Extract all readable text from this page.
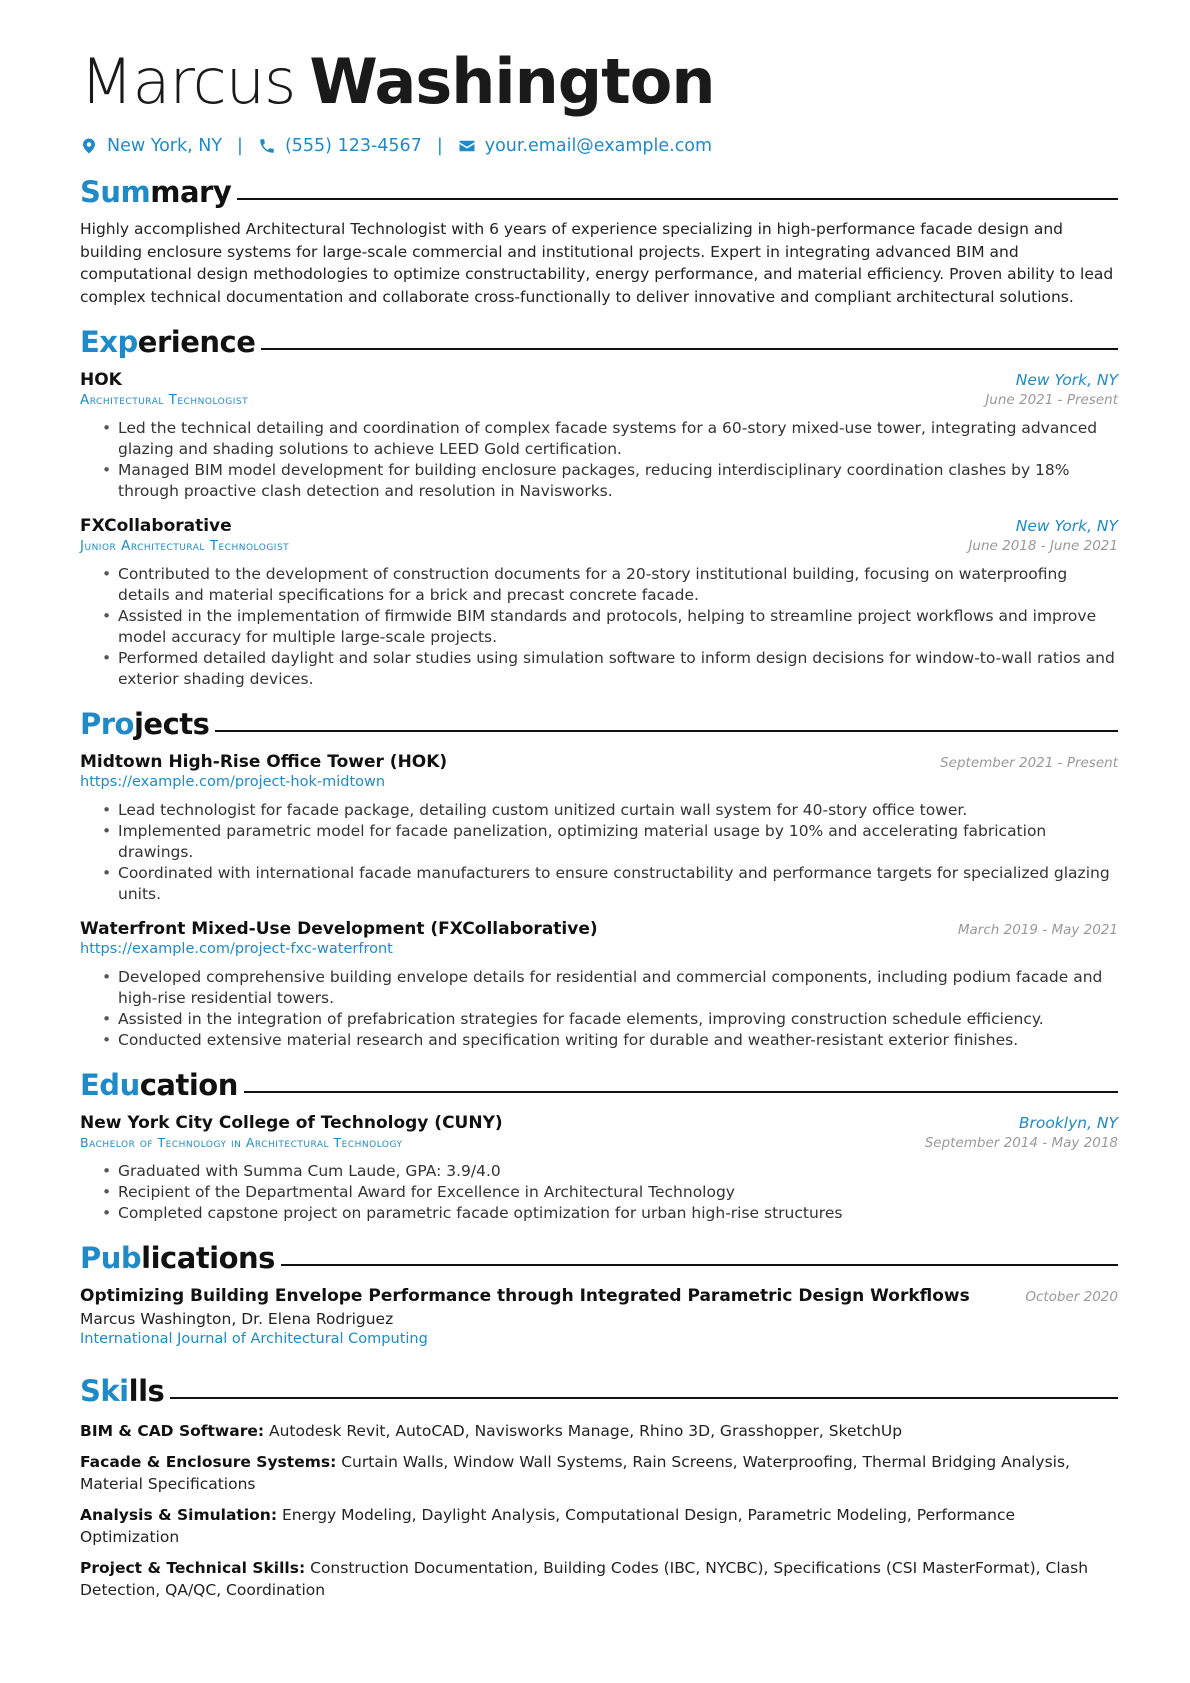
Marcus Washington
New York, NY | (555) 123-4567 | your.email@example.com
Summary
Highly accomplished Architectural Technologist with 6 years of experience specializing in high-performance facade design and building enclosure systems for large-scale commercial and institutional projects. Expert in integrating advanced BIM and computational design methodologies to optimize constructability, energy performance, and material efficiency. Proven ability to lead complex technical documentation and collaborate cross-functionally to deliver innovative and compliant architectural solutions.
Experience
HOK	New York, NY
Architectural Technologist	June 2021 - Present
• Led the technical detailing and coordination of complex facade systems for a 60-story mixed-use tower, integrating advanced glazing and shading solutions to achieve LEED Gold certification.
• Managed BIM model development for building enclosure packages, reducing interdisciplinary coordination clashes by 18% through proactive clash detection and resolution in Navisworks.
FXCollaborative	New York, NY
Junior Architectural Technologist	June 2018 - June 2021
• Contributed to the development of construction documents for a 20-story institutional building, focusing on waterproofing details and material specifications for a brick and precast concrete facade.
• Assisted in the implementation of firmwide BIM standards and protocols, helping to streamline project workflows and improve model accuracy for multiple large-scale projects.
• Performed detailed daylight and solar studies using simulation software to inform design decisions for window-to-wall ratios and exterior shading devices.
Projects
Midtown High-Rise Office Tower (HOK)	September 2021 - Present
https://example.com/project-hok-midtown
• Lead technologist for facade package, detailing custom unitized curtain wall system for 40-story office tower.
• Implemented parametric model for facade panelization, optimizing material usage by 10% and accelerating fabrication drawings.
• Coordinated with international facade manufacturers to ensure constructability and performance targets for specialized glazing units.
Waterfront Mixed-Use Development (FXCollaborative)	March 2019 - May 2021
https://example.com/project-fxc-waterfront
• Developed comprehensive building envelope details for residential and commercial components, including podium facade and high-rise residential towers.
• Assisted in the integration of prefabrication strategies for facade elements, improving construction schedule efficiency.
• Conducted extensive material research and specification writing for durable and weather-resistant exterior finishes.
Education
New York City College of Technology (CUNY)	Brooklyn, NY
Bachelor of Technology in Architectural Technology	September 2014 - May 2018
• Graduated with Summa Cum Laude, GPA: 3.9/4.0
• Recipient of the Departmental Award for Excellence in Architectural Technology
• Completed capstone project on parametric facade optimization for urban high-rise structures
Publications
Optimizing Building Envelope Performance through Integrated Parametric Design Workflows	October 2020
Marcus Washington, Dr. Elena Rodriguez
International Journal of Architectural Computing
Skills
BIM & CAD Software: Autodesk Revit, AutoCAD, Navisworks Manage, Rhino 3D, Grasshopper, SketchUp
Facade & Enclosure Systems: Curtain Walls, Window Wall Systems, Rain Screens, Waterproofing, Thermal Bridging Analysis, Material Specifications
Analysis & Simulation: Energy Modeling, Daylight Analysis, Computational Design, Parametric Modeling, Performance Optimization
Project & Technical Skills: Construction Documentation, Building Codes (IBC, NYCBC), Specifications (CSI MasterFormat), Clash Detection, QA/QC, Coordination
